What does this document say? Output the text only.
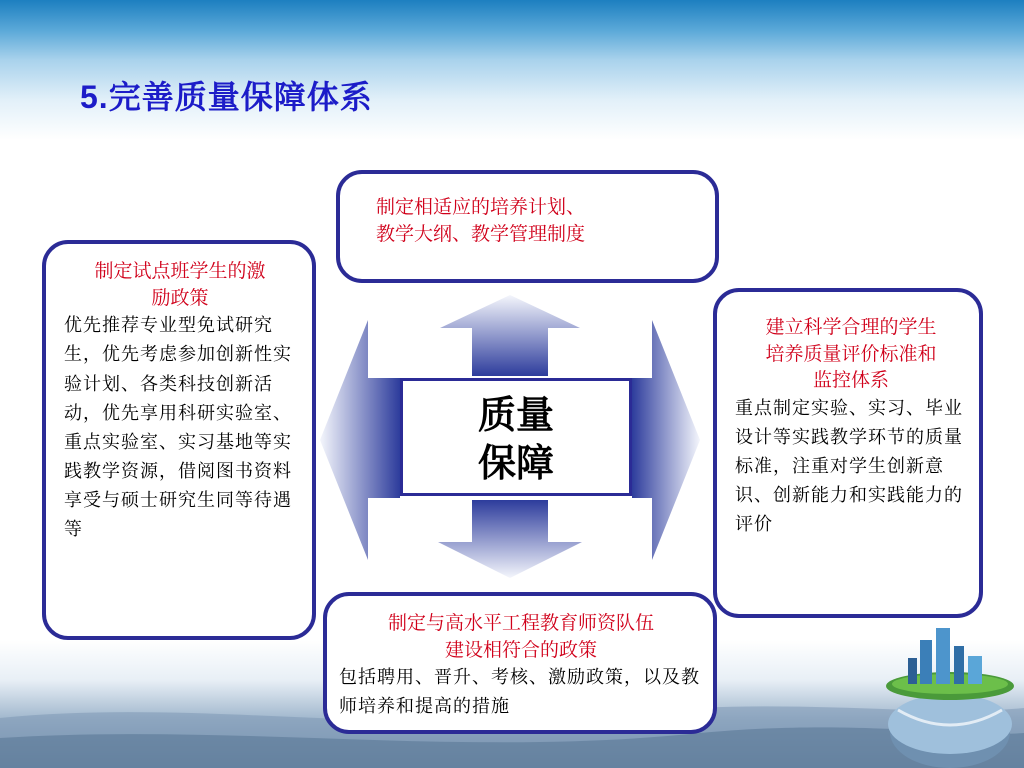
5.完善质量保障体系
质量
保障
制定相适应的培养计划、
教学大纲、教学管理制度
制定试点班学生的激
励政策
优先推荐专业型免试研究生，优先考虑参加创新性实验计划、各类科技创新活动，优先享用科研实验室、重点实验室、实习基地等实践教学资源，借阅图书资料享受与硕士研究生同等待遇等
建立科学合理的学生
培养质量评价标准和
监控体系
重点制定实验、实习、毕业设计等实践教学环节的质量标准，注重对学生创新意识、创新能力和实践能力的评价
制定与高水平工程教育师资队伍
建设相符合的政策
包括聘用、晋升、考核、激励政策，以及教师培养和提高的措施
